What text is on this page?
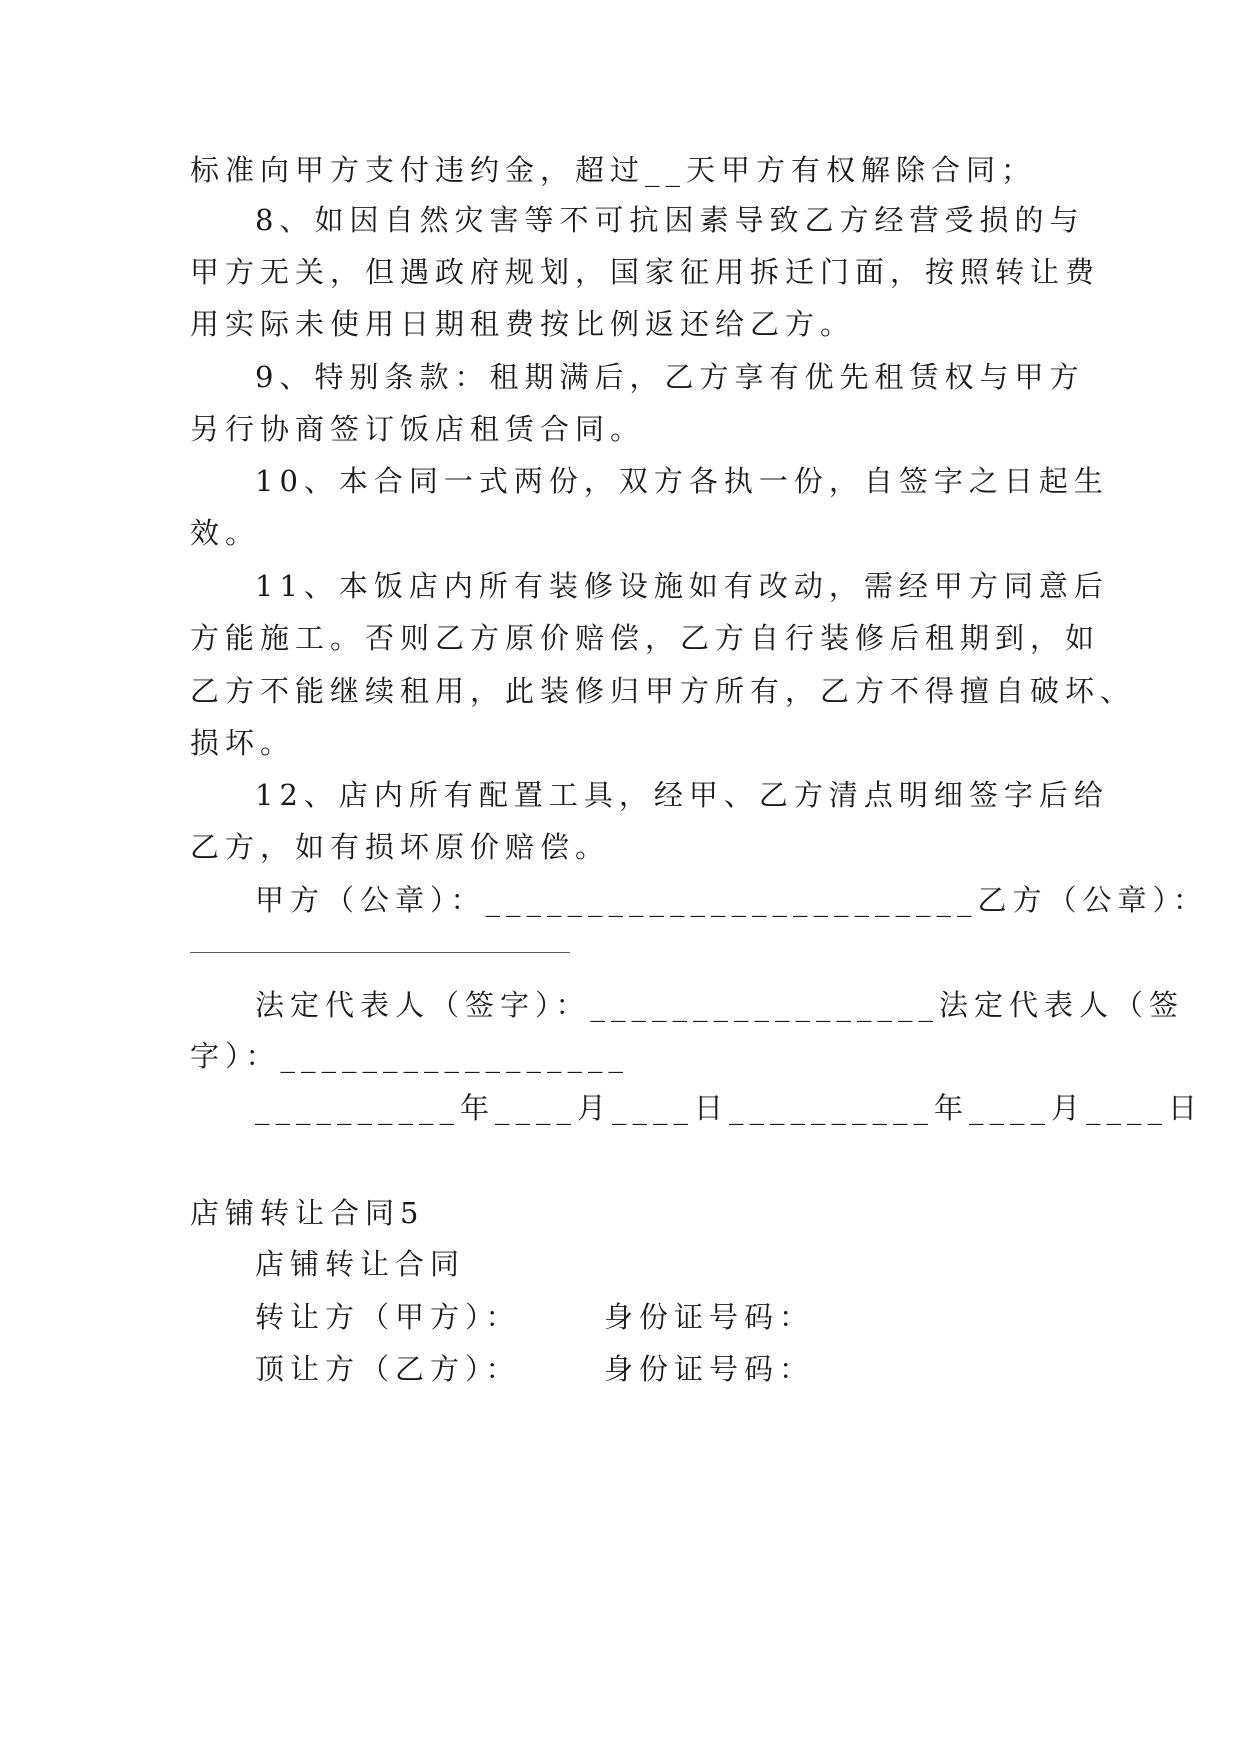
标准向甲方支付违约金，超过__天甲方有权解除合同；
8、如因自然灾害等不可抗因素导致乙方经营受损的与
甲方无关，但遇政府规划，国家征用拆迁门面，按照转让费
用实际未使用日期租费按比例返还给乙方。
9、特别条款：租期满后，乙方享有优先租赁权与甲方
另行协商签订饭店租赁合同。
10、本合同一式两份，双方各执一份，自签字之日起生
效。
11、本饭店内所有装修设施如有改动，需经甲方同意后
方能施工。否则乙方原价赔偿，乙方自行装修后租期到，如
乙方不能继续租用，此装修归甲方所有，乙方不得擅自破坏、
损坏。
12、店内所有配置工具，经甲、乙方清点明细签字后给
乙方，如有损坏原价赔偿。
甲方（公章）：________________________乙方（公章）：
法定代表人（签字）：_________________法定代表人（签
字）：_________________
__________年____月____日__________年____月____日
店铺转让合同5
店铺转让合同
转让方（甲方）：	身份证号码：
顶让方（乙方）：	身份证号码：
